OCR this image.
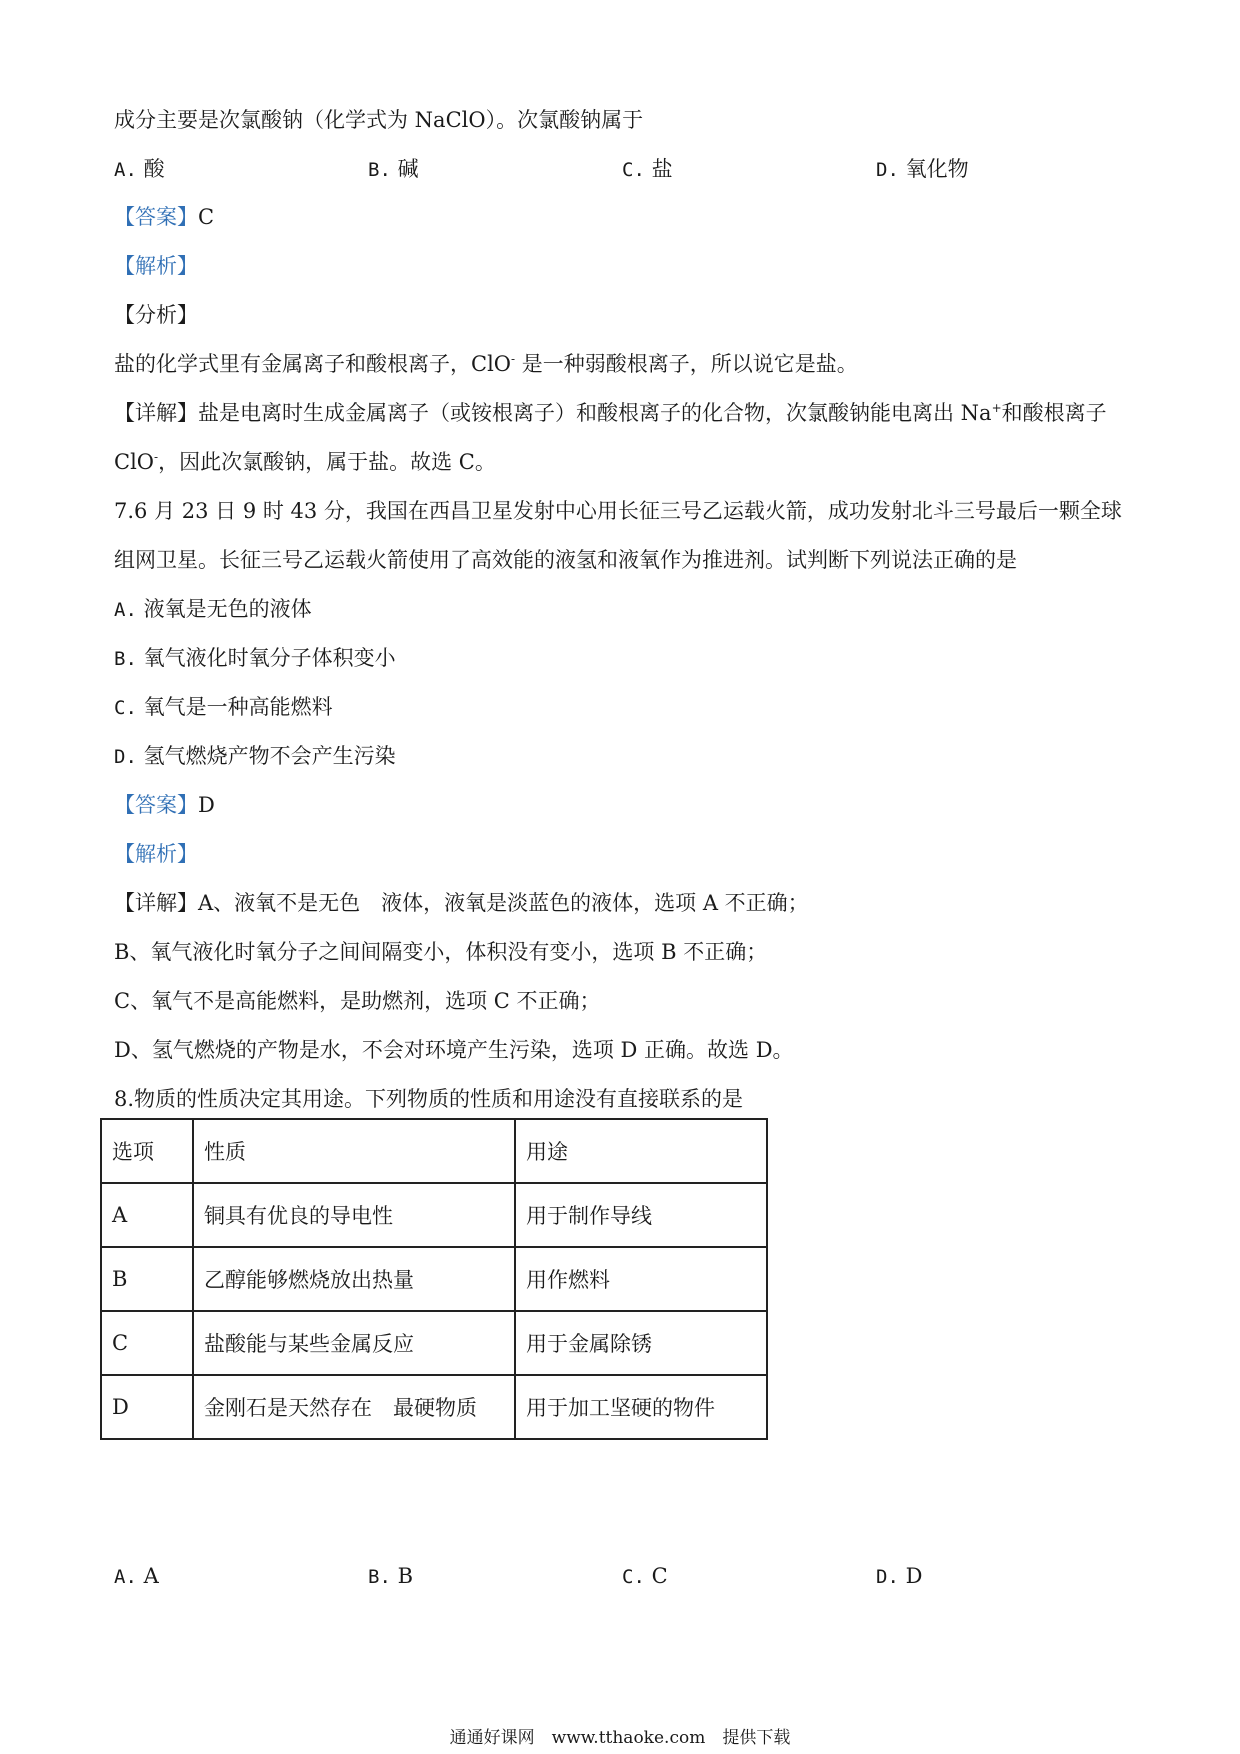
成分主要是次氯酸钠（化学式为 NaClO）。次氯酸钠属于
A. 酸	B. 碱	C. 盐	D. 氧化物
【答案】C
【解析】
【分析】
盐的化学式里有金属离子和酸根离子，ClO- 是一种弱酸根离子，所以说它是盐。
【详解】盐是电离时生成金属离子（或铵根离子）和酸根离子的化合物，次氯酸钠能电离出 Na+和酸根离子
ClO-，因此次氯酸钠，属于盐。故选 C。
7.6 月 23 日 9 时 43 分，我国在西昌卫星发射中心用长征三号乙运载火箭，成功发射北斗三号最后一颗全球
组网卫星。长征三号乙运载火箭使用了高效能的液氢和液氧作为推进剂。试判断下列说法正确的是
A. 液氧是无色的液体
B. 氧气液化时氧分子体积变小
C. 氧气是一种高能燃料
D. 氢气燃烧产物不会产生污染
【答案】D
【解析】
【详解】A、液氧不是无色　液体，液氧是淡蓝色的液体，选项 A 不正确；
B、氧气液化时氧分子之间间隔变小，体积没有变小，选项 B 不正确；
C、氧气不是高能燃料，是助燃剂，选项 C 不正确；
D、氢气燃烧的产物是水，不会对环境产生污染，选项 D 正确。故选 D。
8.物质的性质决定其用途。下列物质的性质和用途没有直接联系的是
选项	性质	用途
A	铜具有优良的导电性	用于制作导线
B	乙醇能够燃烧放出热量	用作燃料
C	盐酸能与某些金属反应	用于金属除锈
D	金刚石是天然存在　最硬物质	用于加工坚硬的物件
A. A	B. B	C. C	D. D
通通好课网　www.tthaoke.com　提供下载
